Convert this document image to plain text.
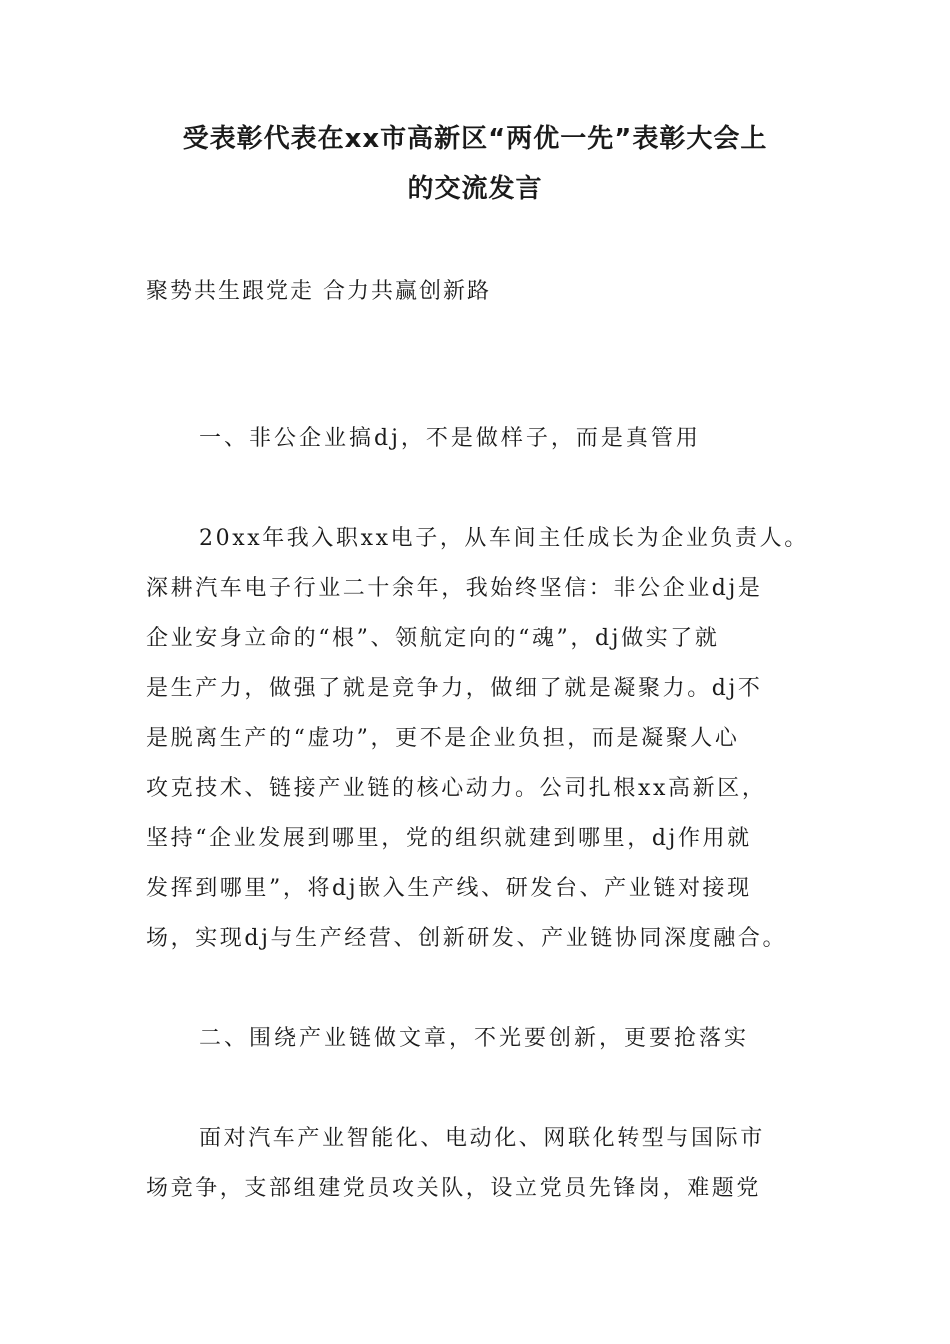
受表彰代表在xx市高新区“两优一先”表彰大会上
的交流发言
聚势共生跟党走 合力共赢创新路
一、非公企业搞dj，不是做样子，而是真管用
20xx年我入职xx电子，从车间主任成长为企业负责人。
深耕汽车电子行业二十余年，我始终坚信：非公企业dj是
企业安身立命的“根”、领航定向的“魂”，dj做实了就
是生产力，做强了就是竞争力，做细了就是凝聚力。dj不
是脱离生产的“虚功”，更不是企业负担，而是凝聚人心
攻克技术、链接产业链的核心动力。公司扎根xx高新区，
坚持“企业发展到哪里，党的组织就建到哪里，dj作用就
发挥到哪里”，将dj嵌入生产线、研发台、产业链对接现
场，实现dj与生产经营、创新研发、产业链协同深度融合。
二、围绕产业链做文章，不光要创新，更要抢落实
面对汽车产业智能化、电动化、网联化转型与国际市
场竞争，支部组建党员攻关队，设立党员先锋岗，难题党
